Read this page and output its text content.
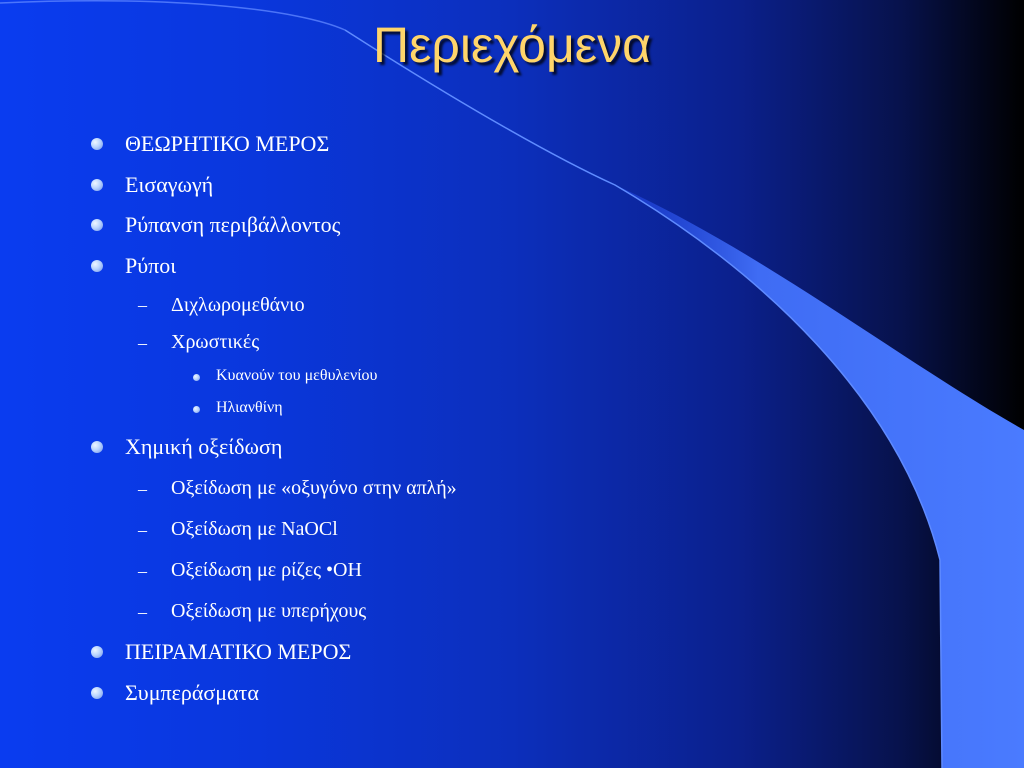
Περιεχόμενα
ΘΕΩΡΗΤΙΚΟ ΜΕΡΟΣ
Εισαγωγή
Ρύπανση περιβάλλοντος
Ρύποι
– Διχλωρομεθάνιο
– Χρωστικές
Κυανούν του μεθυλενίου
Ηλιανθίνη
Χημική οξείδωση
– Οξείδωση με «οξυγόνο στην απλή»
– Οξείδωση με NaOCl
– Οξείδωση με ρίζες •OH
– Οξείδωση με υπερήχους
ΠΕΙΡΑΜΑΤΙΚΟ ΜΕΡΟΣ
Συμπεράσματα
